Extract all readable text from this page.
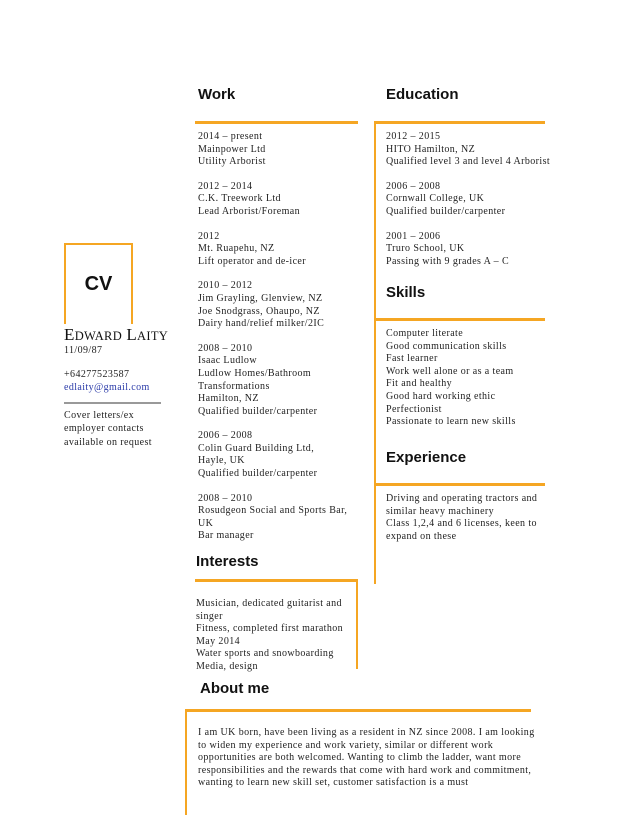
CV
EDWARD LAITY
11/09/87
+64277523587
edlaity@gmail.com
Cover letters/ex
employer contacts
available on request
Work
2014 – present
Mainpower Ltd
Utility Arborist
2012 – 2014
C.K. Treework Ltd
Lead Arborist/Foreman
2012
Mt. Ruapehu, NZ
Lift operator and de-icer
2010 – 2012
Jim Grayling, Glenview, NZ
Joe Snodgrass, Ohaupo, NZ
Dairy hand/relief milker/2IC
2008 – 2010
Isaac Ludlow
Ludlow Homes/Bathroom
Transformations
Hamilton, NZ
Qualified builder/carpenter
2006 – 2008
Colin Guard Building Ltd,
Hayle, UK
Qualified builder/carpenter
2008 – 2010
Rosudgeon Social and Sports Bar,
UK
Bar manager
Education
2012 – 2015
HITO Hamilton, NZ
Qualified level 3 and level 4 Arborist
2006 – 2008
Cornwall College, UK
Qualified builder/carpenter
2001 – 2006
Truro School, UK
Passing with 9 grades A – C
Skills
Computer literate
Good communication skills
Fast learner
Work well alone or as a team
Fit and healthy
Good hard working ethic
Perfectionist
Passionate to learn new skills
Experience
Driving and operating tractors and
similar heavy machinery
Class 1,2,4 and 6 licenses, keen to
expand on these
Interests
Musician, dedicated guitarist and
singer
Fitness, completed first marathon
May 2014
Water sports and snowboarding
Media, design
About me
I am UK born, have been living as a resident in NZ since 2008. I am looking
to widen my experience and work variety, similar or different work
opportunities are both welcomed. Wanting to climb the ladder, want more
responsibilities and the rewards that come with hard work and commitment,
wanting to learn new skill set, customer satisfaction is a must
